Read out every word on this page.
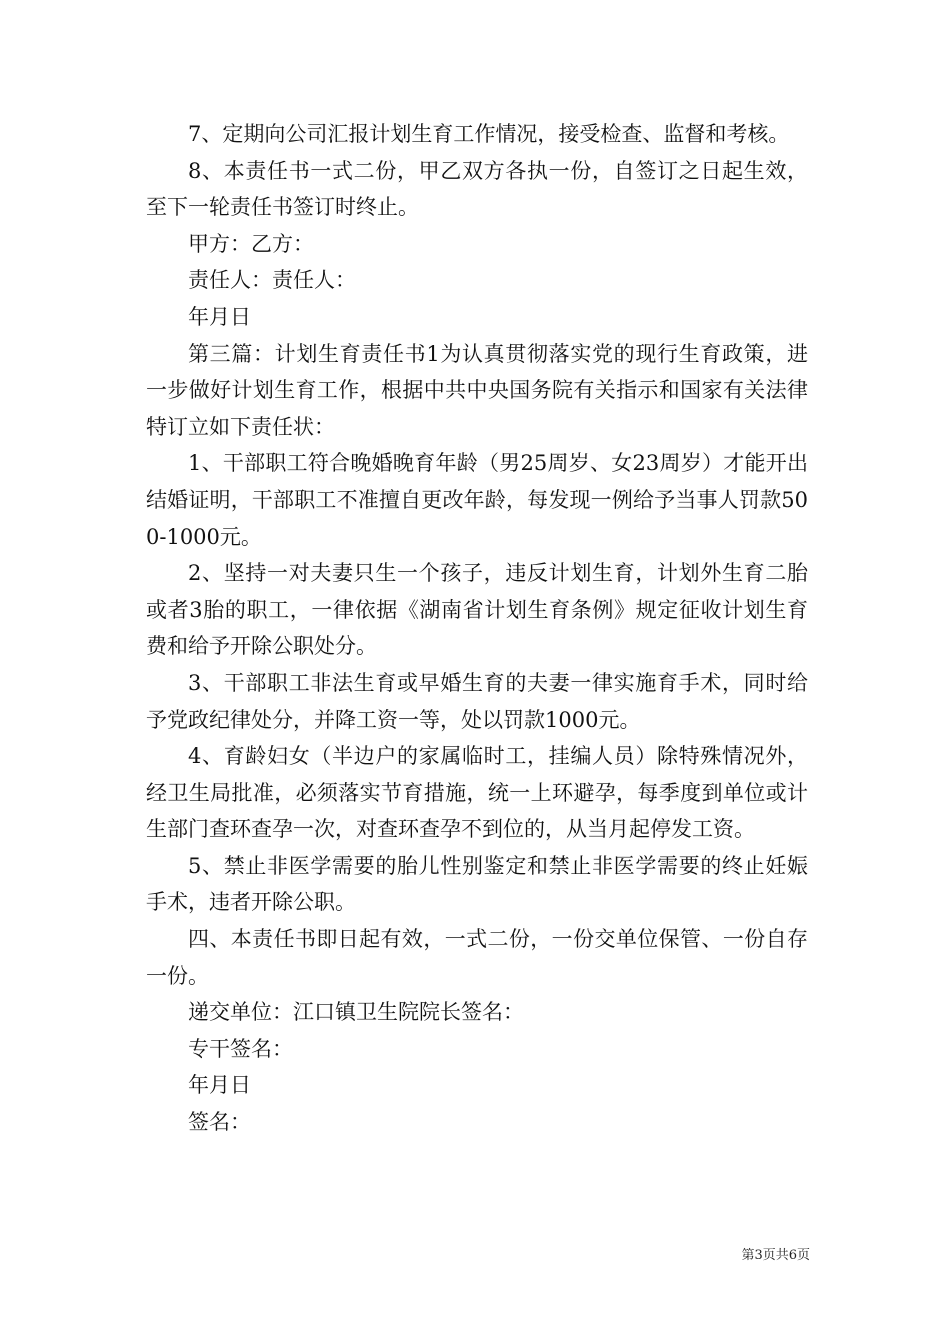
7、定期向公司汇报计划生育工作情况，接受检查、监督和考核。

8、本责任书一式二份，甲乙双方各执一份，自签订之日起生效，至下一轮责任书签订时终止。

甲方：乙方：

责任人：责任人：

年月日

第三篇：计划生育责任书1为认真贯彻落实党的现行生育政策，进一步做好计划生育工作，根据中共中央国务院有关指示和国家有关法律特订立如下责任状：

1、干部职工符合晚婚晚育年龄（男25周岁、女23周岁）才能开出结婚证明，干部职工不准擅自更改年龄，每发现一例给予当事人罚款500-1000元。

2、坚持一对夫妻只生一个孩子，违反计划生育，计划外生育二胎或者3胎的职工，一律依据《湖南省计划生育条例》规定征收计划生育费和给予开除公职处分。

3、干部职工非法生育或早婚生育的夫妻一律实施育手术，同时给予党政纪律处分，并降工资一等，处以罚款1000元。

4、育龄妇女（半边户的家属临时工，挂编人员）除特殊情况外，经卫生局批准，必须落实节育措施，统一上环避孕，每季度到单位或计生部门查环查孕一次，对查环查孕不到位的，从当月起停发工资。

5、禁止非医学需要的胎儿性别鉴定和禁止非医学需要的终止妊娠手术，违者开除公职。

四、本责任书即日起有效，一式二份，一份交单位保管、一份自存一份。

递交单位：江口镇卫生院院长签名：

专干签名：

年月日

签名：

第3页共6页
